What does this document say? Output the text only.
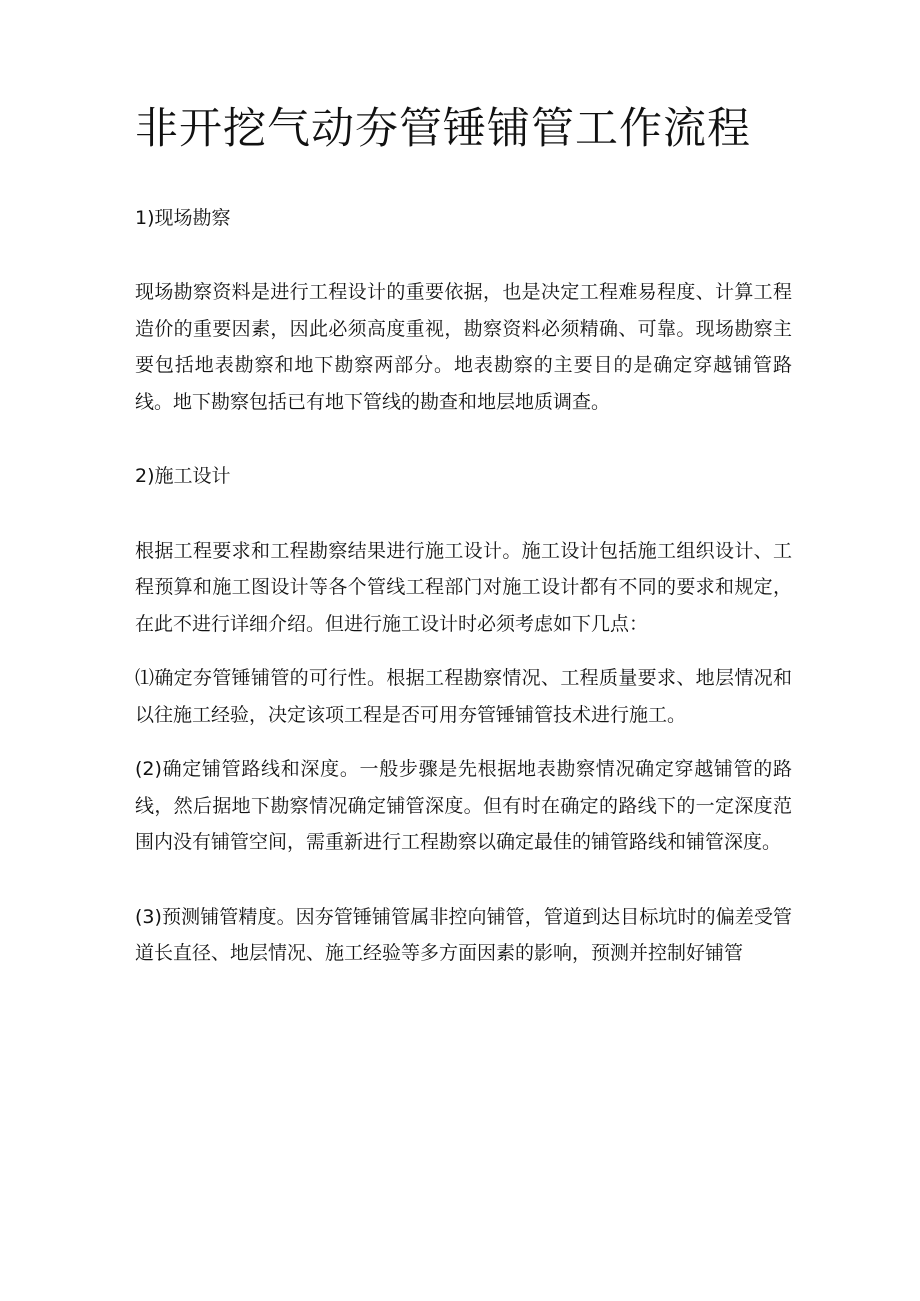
非开挖气动夯管锤铺管工作流程

1)现场勘察

现场勘察资料是进行工程设计的重要依据，也是决定工程难易程度、计算工程造价的重要因素，因此必须高度重视，勘察资料必须精确、可靠。现场勘察主要包括地表勘察和地下勘察两部分。地表勘察的主要目的是确定穿越铺管路线。地下勘察包括已有地下管线的勘查和地层地质调查。

2)施工设计

根据工程要求和工程勘察结果进行施工设计。施工设计包括施工组织设计、工程预算和施工图设计等各个管线工程部门对施工设计都有不同的要求和规定，在此不进行详细介绍。但进行施工设计时必须考虑如下几点：

⑴确定夯管锤铺管的可行性。根据工程勘察情况、工程质量要求、地层情况和以往施工经验，决定该项工程是否可用夯管锤铺管技术进行施工。

(2)确定铺管路线和深度。一般步骤是先根据地表勘察情况确定穿越铺管的路线，然后据地下勘察情况确定铺管深度。但有时在确定的路线下的一定深度范围内没有铺管空间，需重新进行工程勘察以确定最佳的铺管路线和铺管深度。

(3)预测铺管精度。因夯管锤铺管属非控向铺管，管道到达目标坑时的偏差受管道长直径、地层情况、施工经验等多方面因素的影响，预测并控制好铺管
